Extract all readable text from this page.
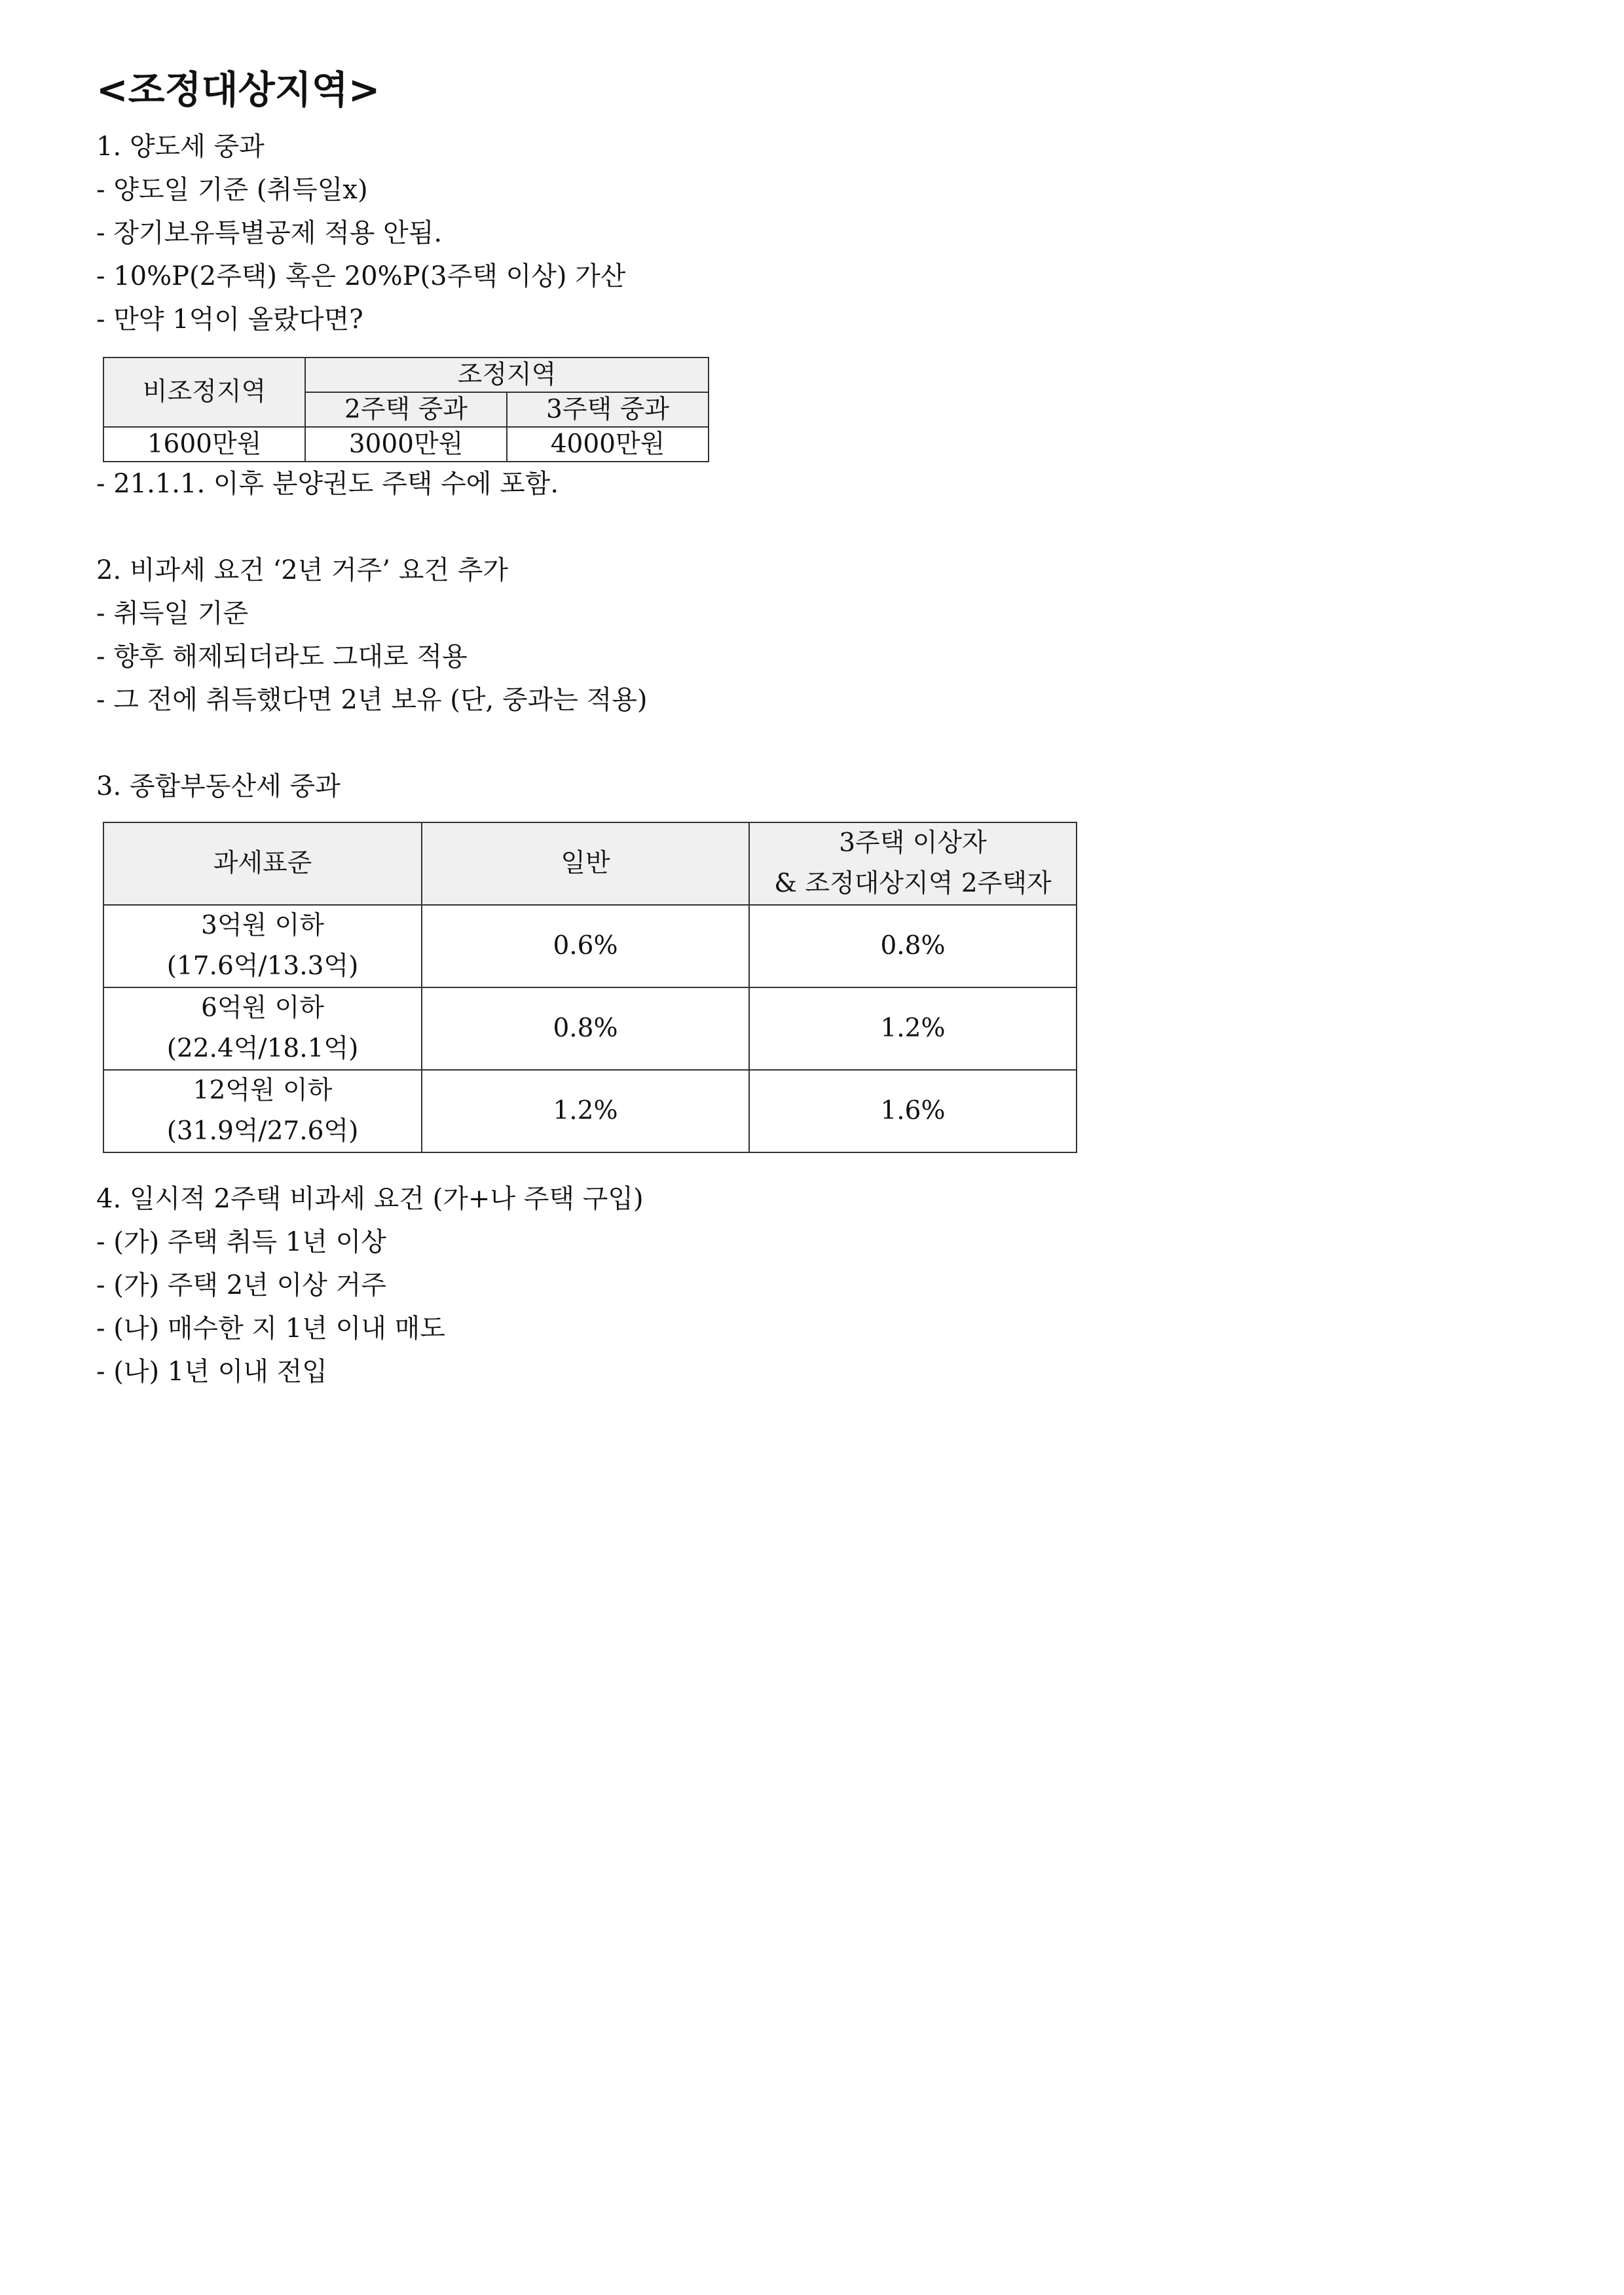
<조정대상지역>
1. 양도세 중과
- 양도일 기준 (취득일x)
- 장기보유특별공제 적용 안됨.
- 10%P(2주택) 혹은 20%P(3주택 이상) 가산
- 만약 1억이 올랐다면?
비조정지역	조정지역	
	2주택 중과	3주택 중과
1600만원	3000만원	4000만원
- 21.1.1. 이후 분양권도 주택 수에 포함.
2. 비과세 요건 ‘2년 거주’ 요건 추가
- 취득일 기준
- 향후 해제되더라도 그대로 적용
- 그 전에 취득했다면 2년 보유 (단, 중과는 적용)
3. 종합부동산세 중과
과세표준	일반	3주택 이상자
& 조정대상지역 2주택자

3억원 이하
(17.6억/13.3억)	0.6%	0.8%

6억원 이하
(22.4억/18.1억)	0.8%	1.2%

12억원 이하
(31.9억/27.6억)	1.2%	1.6%
4. 일시적 2주택 비과세 요건 (가+나 주택 구입)
- (가) 주택 취득 1년 이상
- (가) 주택 2년 이상 거주
- (나) 매수한 지 1년 이내 매도
- (나) 1년 이내 전입
